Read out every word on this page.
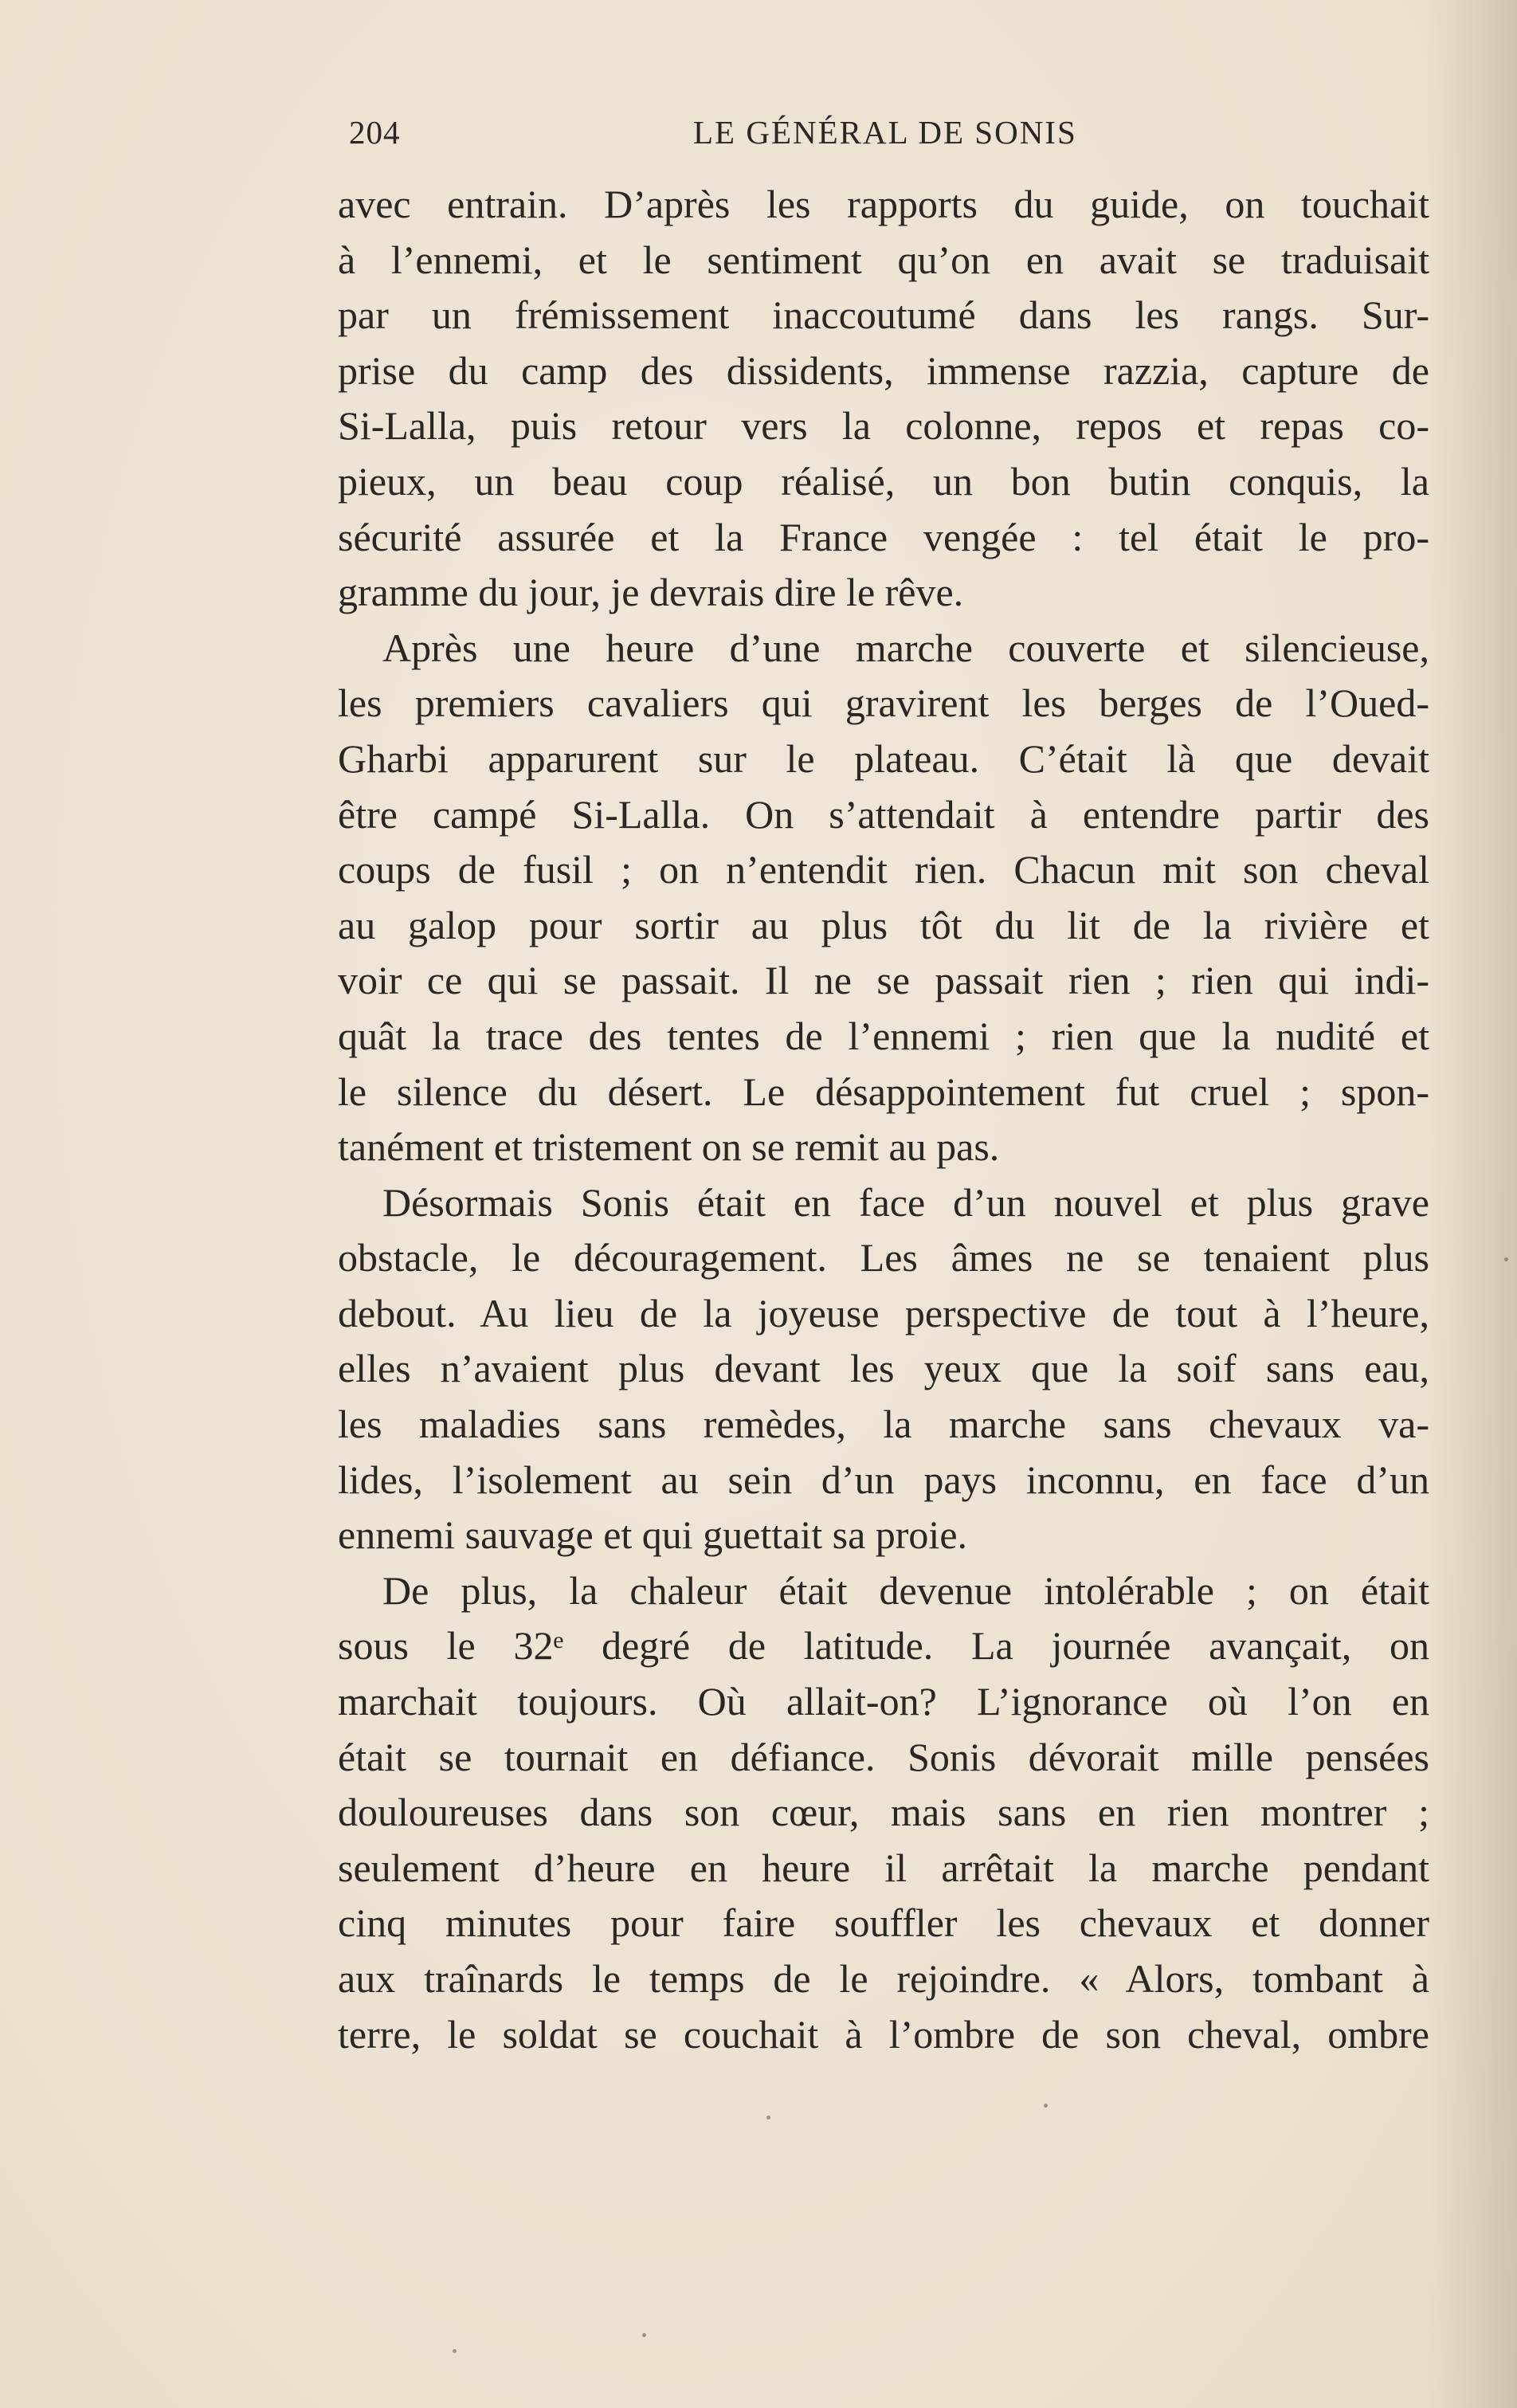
204	LE GÉNÉRAL DE SONIS
avec entrain. D’après les rapports du guide, on touchait
à l’ennemi, et le sentiment qu’on en avait se traduisait
par un frémissement inaccoutumé dans les rangs. Sur-
prise du camp des dissidents, immense razzia, capture de
Si-Lalla, puis retour vers la colonne, repos et repas co-
pieux, un beau coup réalisé, un bon butin conquis, la
sécurité assurée et la France vengée : tel était le pro-
gramme du jour, je devrais dire le rêve.
Après une heure d’une marche couverte et silencieuse,
les premiers cavaliers qui gravirent les berges de l’Oued-
Gharbi apparurent sur le plateau. C’était là que devait
être campé Si-Lalla. On s’attendait à entendre partir des
coups de fusil ; on n’entendit rien. Chacun mit son cheval
au galop pour sortir au plus tôt du lit de la rivière et
voir ce qui se passait. Il ne se passait rien ; rien qui indi-
quât la trace des tentes de l’ennemi ; rien que la nudité et
le silence du désert. Le désappointement fut cruel ; spon-
tanément et tristement on se remit au pas.
Désormais Sonis était en face d’un nouvel et plus grave
obstacle, le découragement. Les âmes ne se tenaient plus
debout. Au lieu de la joyeuse perspective de tout à l’heure,
elles n’avaient plus devant les yeux que la soif sans eau,
les maladies sans remèdes, la marche sans chevaux va-
lides, l’isolement au sein d’un pays inconnu, en face d’un
ennemi sauvage et qui guettait sa proie.
De plus, la chaleur était devenue intolérable ; on était
sous le 32ᵉ degré de latitude. La journée avançait, on
marchait toujours. Où allait-on? L’ignorance où l’on en
était se tournait en défiance. Sonis dévorait mille pensées
douloureuses dans son cœur, mais sans en rien montrer ;
seulement d’heure en heure il arrêtait la marche pendant
cinq minutes pour faire souffler les chevaux et donner
aux traînards le temps de le rejoindre. « Alors, tombant à
terre, le soldat se couchait à l’ombre de son cheval, ombre
